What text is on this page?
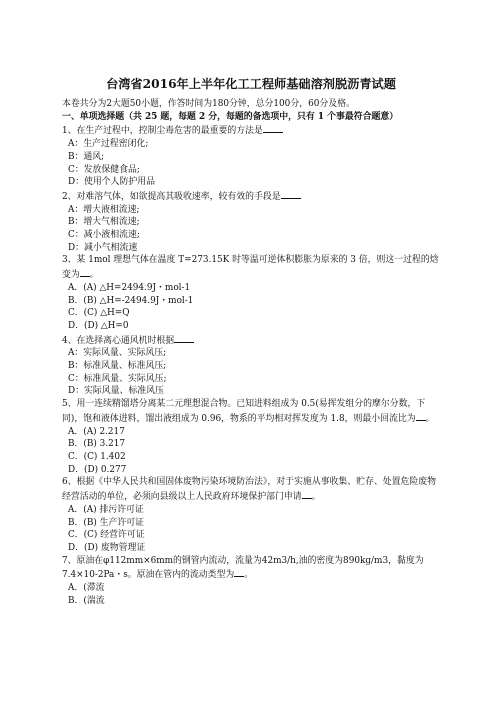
台湾省2016年上半年化工工程师基础溶剂脱沥青试题

本卷共分为2大题50小题，作答时间为180分钟，总分100分，60分及格。

一、单项选择题（共 25 题，每题 2 分，每题的备选项中，只有 1 个事最符合题意）

1、在生产过程中，控制尘毒危害的最重要的方法是

A：生产过程密闭化;

B：通风;

C：发放保健食品;

D：使用个人防护用品

2、对难溶气体，如欲提高其吸收速率，较有效的手段是

A：增大液相流速;

B：增大气相流速;

C：减小液相流速;

D：减小气相流速

3、某 1mol 理想气体在温度 T=273.15K 时等温可逆体积膨胀为原来的 3 倍，则这一过程的焓变为 。

A．(A) △H=2494.9J・mol-1

B．(B) △H=-2494.9J・mol-1

C．(C) △H=Q

D．(D) △H=0

4、在选择离心通风机时根据

A：实际风量、实际风压;

B：标准风量、标准风压;

C：标准风量、实际风压;

D：实际风量、标准风压

5、用一连续精馏塔分离某二元理想混合物。已知进料组成为 0.5(易挥发组分的摩尔分数，下同)，饱和液体进料，馏出液组成为 0.96，物系的平均相对挥发度为 1.8，则最小回流比为 。

A．(A) 2.217

B．(B) 3.217

C．(C) 1.402

D．(D) 0.277

6、根据《中华人民共和国固体废物污染环境防治法》，对于实施从事收集、贮存、处置危险废物经营活动的单位，必须向县级以上人民政府环境保护部门申请 。

A．(A) 排污许可证

B．(B) 生产许可证

C．(C) 经营许可证

D．(D) 废物管理证

7、原油在φ112mm×6mm的钢管内流动，流量为42m3/h,油的密度为890kg/m3，黏度为 7.4×10-2Pa・s。原油在管内的流动类型为 。

A．(滞流

B．(湍流
